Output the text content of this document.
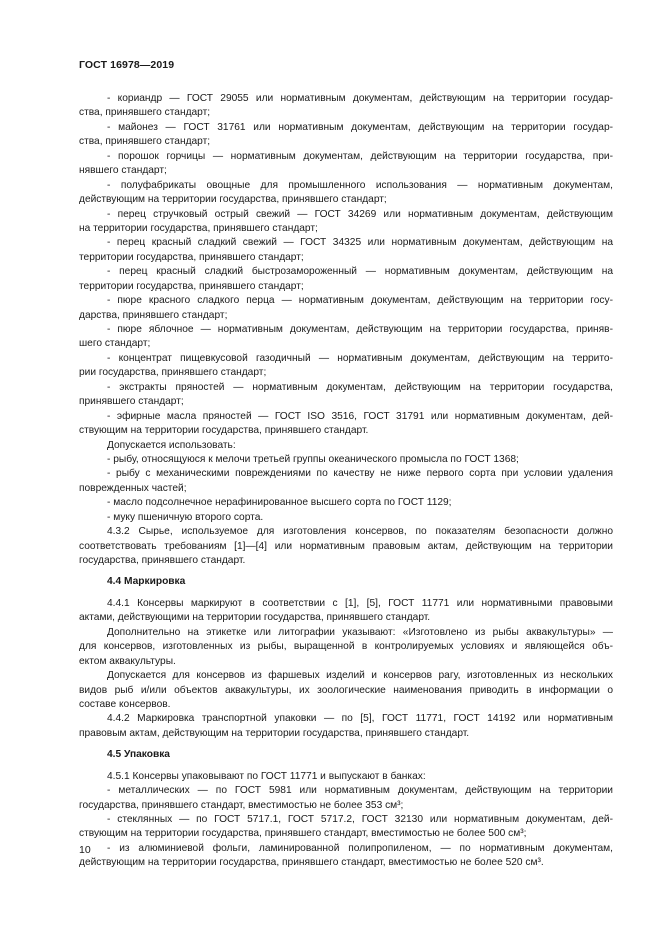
ГОСТ 16978—2019
- кориандр — ГОСТ 29055 или нормативным документам, действующим на территории государ-
ства, принявшего стандарт;
- майонез — ГОСТ 31761 или нормативным документам, действующим на территории государ-
ства, принявшего стандарт;
- порошок горчицы — нормативным документам, действующим на территории государства, при-
нявшего стандарт;
- полуфабрикаты овощные для промышленного использования — нормативным документам,
действующим на территории государства, принявшего стандарт;
- перец стручковый острый свежий — ГОСТ 34269 или нормативным документам, действующим
на территории государства, принявшего стандарт;
- перец красный сладкий свежий — ГОСТ 34325 или нормативным документам, действующим на
территории государства, принявшего стандарт;
- перец красный сладкий быстрозамороженный — нормативным документам, действующим на
территории государства, принявшего стандарт;
- пюре красного сладкого перца — нормативным документам, действующим на территории госу-
дарства, принявшего стандарт;
- пюре яблочное — нормативным документам, действующим на территории государства, приняв-
шего стандарт;
- концентрат пищевкусовой газодичный — нормативным документам, действующим на террито-
рии государства, принявшего стандарт;
- экстракты пряностей — нормативным документам, действующим на территории государства,
принявшего стандарт;
- эфирные масла пряностей — ГОСТ ISO 3516, ГОСТ 31791 или нормативным документам, дей-
ствующим на территории государства, принявшего стандарт.
Допускается использовать:
- рыбу, относящуюся к мелочи третьей группы океанического промысла по ГОСТ 1368;
- рыбу с механическими повреждениями по качеству не ниже первого сорта при условии удаления
поврежденных частей;
- масло подсолнечное нерафинированное высшего сорта по ГОСТ 1129;
- муку пшеничную второго сорта.
4.3.2 Сырье, используемое для изготовления консервов, по показателям безопасности должно
соответствовать требованиям [1]—[4] или нормативным правовым актам, действующим на территории
государства, принявшего стандарт.
4.4 Маркировка
4.4.1 Консервы маркируют в соответствии с [1], [5], ГОСТ 11771 или нормативными правовыми
актами, действующими на территории государства, принявшего стандарт.
Дополнительно на этикетке или литографии указывают: «Изготовлено из рыбы аквакультуры» —
для консервов, изготовленных из рыбы, выращенной в контролируемых условиях и являющейся объ-
ектом аквакультуры.
Допускается для консервов из фаршевых изделий и консервов рагу, изготовленных из нескольких
видов рыб и/или объектов аквакультуры, их зоологические наименования приводить в информации о
составе консервов.
4.4.2 Маркировка транспортной упаковки — по [5], ГОСТ 11771, ГОСТ 14192 или нормативным
правовым актам, действующим на территории государства, принявшего стандарт.
4.5 Упаковка
4.5.1 Консервы упаковывают по ГОСТ 11771 и выпускают в банках:
- металлических — по ГОСТ 5981 или нормативным документам, действующим на территории
государства, принявшего стандарт, вместимостью не более 353 см³;
- стеклянных — по ГОСТ 5717.1, ГОСТ 5717.2, ГОСТ 32130 или нормативным документам, дей-
ствующим на территории государства, принявшего стандарт, вместимостью не более 500 см³;
- из алюминиевой фольги, ламинированной полипропиленом, — по нормативным документам,
действующим на территории государства, принявшего стандарт, вместимостью не более 520 см³.
10
